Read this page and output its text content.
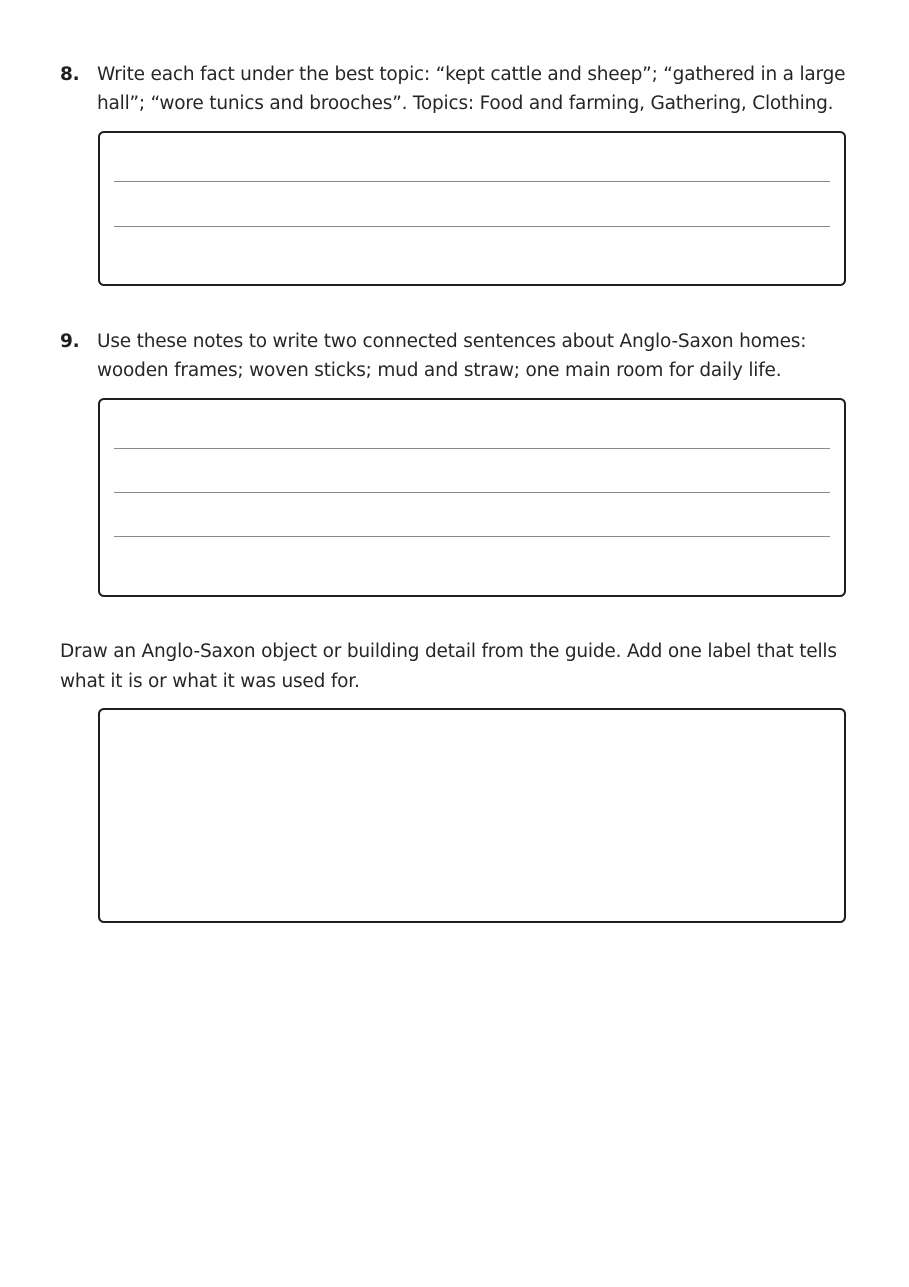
8. Write each fact under the best topic: “kept cattle and sheep”; “gathered in a large hall”; “wore tunics and brooches”. Topics: Food and farming, Gathering, Clothing.
9. Use these notes to write two connected sentences about Anglo-Saxon homes: wooden frames; woven sticks; mud and straw; one main room for daily life.
Draw an Anglo-Saxon object or building detail from the guide. Add one label that tells what it is or what it was used for.
